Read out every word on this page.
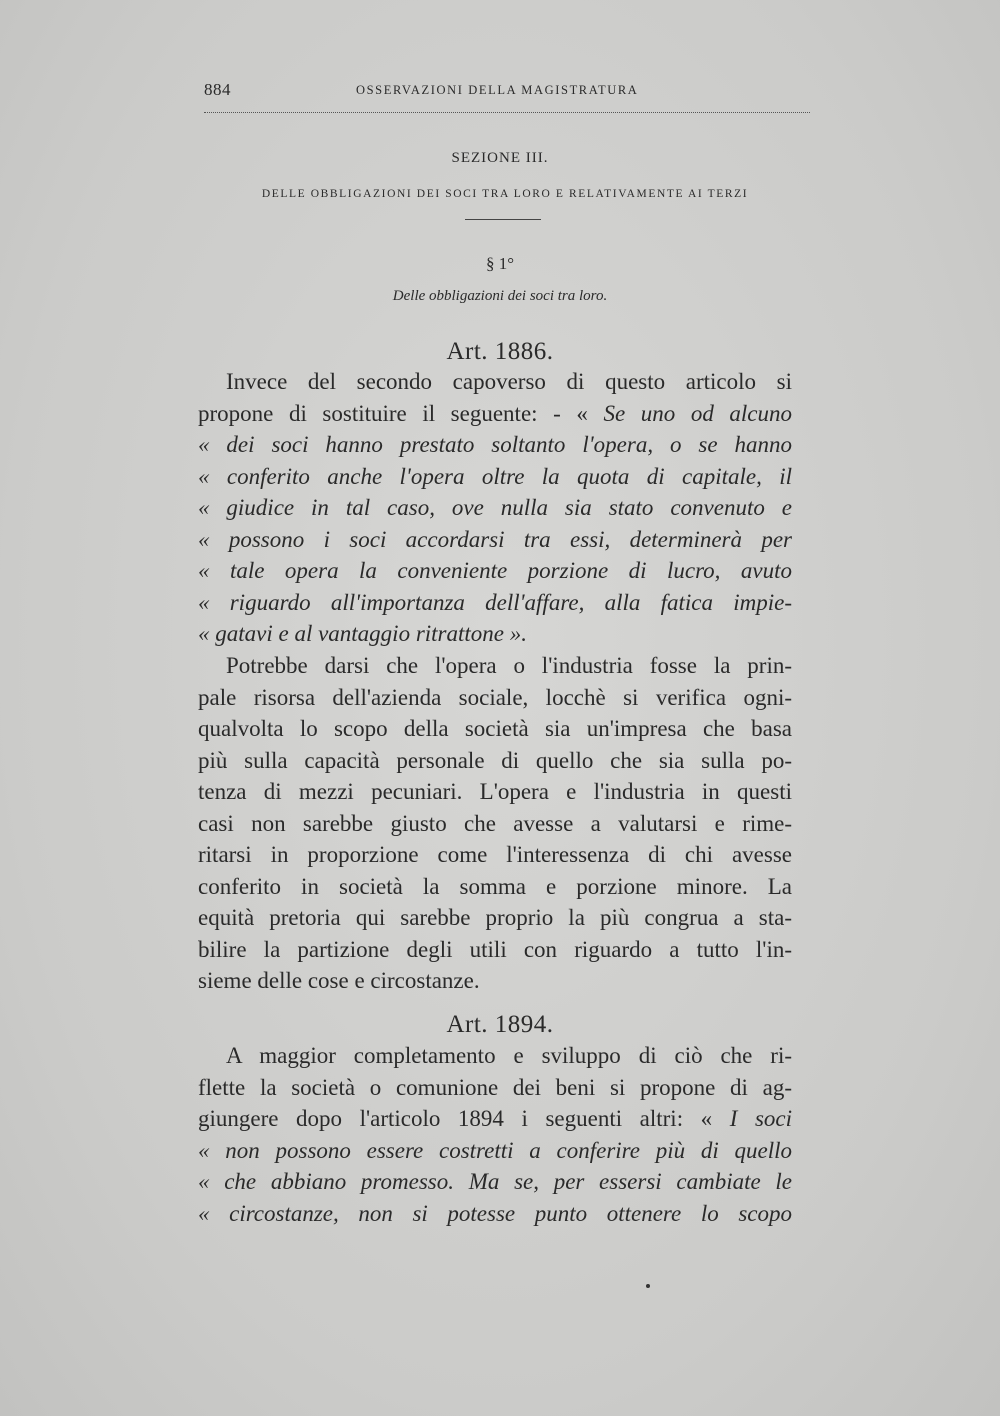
884	OSSERVAZIONI DELLA MAGISTRATURA
SEZIONE III.
DELLE OBBLIGAZIONI DEI SOCI TRA LORO E RELATIVAMENTE AI TERZI
§ 1°
Delle obbligazioni dei soci tra loro.
Art. 1886.
Invece del secondo capoverso di questo articolo si
propone di sostituire il seguente: - « Se uno od alcuno
« dei soci hanno prestato soltanto l'opera, o se hanno
« conferito anche l'opera oltre la quota di capitale, il
« giudice in tal caso, ove nulla sia stato convenuto e
« possono i soci accordarsi tra essi, determinerà per
« tale opera la conveniente porzione di lucro, avuto
« riguardo all'importanza dell'affare, alla fatica impie-
« gatavi e al vantaggio ritrattone ».
Potrebbe darsi che l'opera o l'industria fosse la prin-
pale risorsa dell'azienda sociale, locchè si verifica ogni-
qualvolta lo scopo della società sia un'impresa che basa
più sulla capacità personale di quello che sia sulla po-
tenza di mezzi pecuniari. L'opera e l'industria in questi
casi non sarebbe giusto che avesse a valutarsi e rime-
ritarsi in proporzione come l'interessenza di chi avesse
conferito in società la somma e porzione minore. La
equità pretoria qui sarebbe proprio la più congrua a sta-
bilire la partizione degli utili con riguardo a tutto l'in-
sieme delle cose e circostanze.
Art. 1894.
A maggior completamento e sviluppo di ciò che ri-
flette la società o comunione dei beni si propone di ag-
giungere dopo l'articolo 1894 i seguenti altri: « I soci
« non possono essere costretti a conferire più di quello
« che abbiano promesso. Ma se, per essersi cambiate le
« circostanze, non si potesse punto ottenere lo scopo
